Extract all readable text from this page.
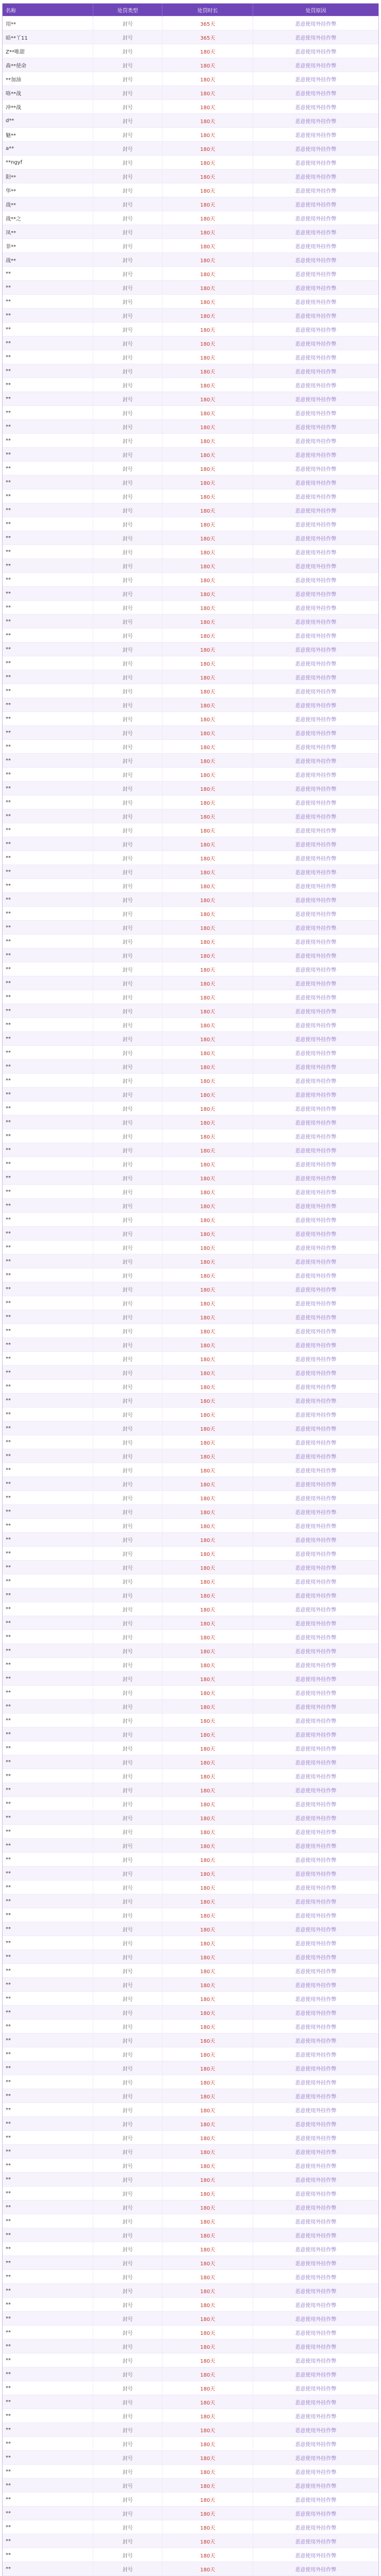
名称	处罚类型	处罚时长	处罚原因
用**	封号	365天	恶意使用外挂作弊
暗**丫11	封号	365天	恶意使用外挂作弊
Z**唯甜	封号	180天	恶意使用外挂作弊
森**使命	封号	180天	恶意使用外挂作弊
**加油	封号	180天	恶意使用外挂作弊
咯**战	封号	180天	恶意使用外挂作弊
冲**战	封号	180天	恶意使用外挂作弊
d**	封号	180天	恶意使用外挂作弊
魅**	封号	180天	恶意使用外挂作弊
a**	封号	180天	恶意使用外挂作弊
**ngyf	封号	180天	恶意使用外挂作弊
阳**	封号	180天	恶意使用外挂作弊
华**	封号	180天	恶意使用外挂作弊
战**	封号	180天	恶意使用外挂作弊
战**之	封号	180天	恶意使用外挂作弊
凤**	封号	180天	恶意使用外挂作弊
菲**	封号	180天	恶意使用外挂作弊
战**	封号	180天	恶意使用外挂作弊
**	封号	180天	恶意使用外挂作弊
**	封号	180天	恶意使用外挂作弊
**	封号	180天	恶意使用外挂作弊
**	封号	180天	恶意使用外挂作弊
**	封号	180天	恶意使用外挂作弊
**	封号	180天	恶意使用外挂作弊
**	封号	180天	恶意使用外挂作弊
**	封号	180天	恶意使用外挂作弊
**	封号	180天	恶意使用外挂作弊
**	封号	180天	恶意使用外挂作弊
**	封号	180天	恶意使用外挂作弊
**	封号	180天	恶意使用外挂作弊
**	封号	180天	恶意使用外挂作弊
**	封号	180天	恶意使用外挂作弊
**	封号	180天	恶意使用外挂作弊
**	封号	180天	恶意使用外挂作弊
**	封号	180天	恶意使用外挂作弊
**	封号	180天	恶意使用外挂作弊
**	封号	180天	恶意使用外挂作弊
**	封号	180天	恶意使用外挂作弊
**	封号	180天	恶意使用外挂作弊
**	封号	180天	恶意使用外挂作弊
**	封号	180天	恶意使用外挂作弊
**	封号	180天	恶意使用外挂作弊
**	封号	180天	恶意使用外挂作弊
**	封号	180天	恶意使用外挂作弊
**	封号	180天	恶意使用外挂作弊
**	封号	180天	恶意使用外挂作弊
**	封号	180天	恶意使用外挂作弊
**	封号	180天	恶意使用外挂作弊
**	封号	180天	恶意使用外挂作弊
**	封号	180天	恶意使用外挂作弊
**	封号	180天	恶意使用外挂作弊
**	封号	180天	恶意使用外挂作弊
**	封号	180天	恶意使用外挂作弊
**	封号	180天	恶意使用外挂作弊
**	封号	180天	恶意使用外挂作弊
**	封号	180天	恶意使用外挂作弊
**	封号	180天	恶意使用外挂作弊
**	封号	180天	恶意使用外挂作弊
**	封号	180天	恶意使用外挂作弊
**	封号	180天	恶意使用外挂作弊
**	封号	180天	恶意使用外挂作弊
**	封号	180天	恶意使用外挂作弊
**	封号	180天	恶意使用外挂作弊
**	封号	180天	恶意使用外挂作弊
**	封号	180天	恶意使用外挂作弊
**	封号	180天	恶意使用外挂作弊
**	封号	180天	恶意使用外挂作弊
**	封号	180天	恶意使用外挂作弊
**	封号	180天	恶意使用外挂作弊
**	封号	180天	恶意使用外挂作弊
**	封号	180天	恶意使用外挂作弊
**	封号	180天	恶意使用外挂作弊
**	封号	180天	恶意使用外挂作弊
**	封号	180天	恶意使用外挂作弊
**	封号	180天	恶意使用外挂作弊
**	封号	180天	恶意使用外挂作弊
**	封号	180天	恶意使用外挂作弊
**	封号	180天	恶意使用外挂作弊
**	封号	180天	恶意使用外挂作弊
**	封号	180天	恶意使用外挂作弊
**	封号	180天	恶意使用外挂作弊
**	封号	180天	恶意使用外挂作弊
**	封号	180天	恶意使用外挂作弊
**	封号	180天	恶意使用外挂作弊
**	封号	180天	恶意使用外挂作弊
**	封号	180天	恶意使用外挂作弊
**	封号	180天	恶意使用外挂作弊
**	封号	180天	恶意使用外挂作弊
**	封号	180天	恶意使用外挂作弊
**	封号	180天	恶意使用外挂作弊
**	封号	180天	恶意使用外挂作弊
**	封号	180天	恶意使用外挂作弊
**	封号	180天	恶意使用外挂作弊
**	封号	180天	恶意使用外挂作弊
**	封号	180天	恶意使用外挂作弊
**	封号	180天	恶意使用外挂作弊
**	封号	180天	恶意使用外挂作弊
**	封号	180天	恶意使用外挂作弊
**	封号	180天	恶意使用外挂作弊
**	封号	180天	恶意使用外挂作弊
**	封号	180天	恶意使用外挂作弊
**	封号	180天	恶意使用外挂作弊
**	封号	180天	恶意使用外挂作弊
**	封号	180天	恶意使用外挂作弊
**	封号	180天	恶意使用外挂作弊
**	封号	180天	恶意使用外挂作弊
**	封号	180天	恶意使用外挂作弊
**	封号	180天	恶意使用外挂作弊
**	封号	180天	恶意使用外挂作弊
**	封号	180天	恶意使用外挂作弊
**	封号	180天	恶意使用外挂作弊
**	封号	180天	恶意使用外挂作弊
**	封号	180天	恶意使用外挂作弊
**	封号	180天	恶意使用外挂作弊
**	封号	180天	恶意使用外挂作弊
**	封号	180天	恶意使用外挂作弊
**	封号	180天	恶意使用外挂作弊
**	封号	180天	恶意使用外挂作弊
**	封号	180天	恶意使用外挂作弊
**	封号	180天	恶意使用外挂作弊
**	封号	180天	恶意使用外挂作弊
**	封号	180天	恶意使用外挂作弊
**	封号	180天	恶意使用外挂作弊
**	封号	180天	恶意使用外挂作弊
**	封号	180天	恶意使用外挂作弊
**	封号	180天	恶意使用外挂作弊
**	封号	180天	恶意使用外挂作弊
**	封号	180天	恶意使用外挂作弊
**	封号	180天	恶意使用外挂作弊
**	封号	180天	恶意使用外挂作弊
**	封号	180天	恶意使用外挂作弊
**	封号	180天	恶意使用外挂作弊
**	封号	180天	恶意使用外挂作弊
**	封号	180天	恶意使用外挂作弊
**	封号	180天	恶意使用外挂作弊
**	封号	180天	恶意使用外挂作弊
**	封号	180天	恶意使用外挂作弊
**	封号	180天	恶意使用外挂作弊
**	封号	180天	恶意使用外挂作弊
**	封号	180天	恶意使用外挂作弊
**	封号	180天	恶意使用外挂作弊
**	封号	180天	恶意使用外挂作弊
**	封号	180天	恶意使用外挂作弊
**	封号	180天	恶意使用外挂作弊
**	封号	180天	恶意使用外挂作弊
**	封号	180天	恶意使用外挂作弊
**	封号	180天	恶意使用外挂作弊
**	封号	180天	恶意使用外挂作弊
**	封号	180天	恶意使用外挂作弊
**	封号	180天	恶意使用外挂作弊
**	封号	180天	恶意使用外挂作弊
**	封号	180天	恶意使用外挂作弊
**	封号	180天	恶意使用外挂作弊
**	封号	180天	恶意使用外挂作弊
**	封号	180天	恶意使用外挂作弊
**	封号	180天	恶意使用外挂作弊
**	封号	180天	恶意使用外挂作弊
**	封号	180天	恶意使用外挂作弊
**	封号	180天	恶意使用外挂作弊
**	封号	180天	恶意使用外挂作弊
**	封号	180天	恶意使用外挂作弊
**	封号	180天	恶意使用外挂作弊
**	封号	180天	恶意使用外挂作弊
**	封号	180天	恶意使用外挂作弊
**	封号	180天	恶意使用外挂作弊
**	封号	180天	恶意使用外挂作弊
**	封号	180天	恶意使用外挂作弊
**	封号	180天	恶意使用外挂作弊
**	封号	180天	恶意使用外挂作弊
**	封号	180天	恶意使用外挂作弊
**	封号	180天	恶意使用外挂作弊
**	封号	180天	恶意使用外挂作弊
**	封号	180天	恶意使用外挂作弊
**	封号	180天	恶意使用外挂作弊
**	封号	180天	恶意使用外挂作弊
**	封号	180天	恶意使用外挂作弊
**	封号	180天	恶意使用外挂作弊
**	封号	180天	恶意使用外挂作弊
**	封号	180天	恶意使用外挂作弊
**	封号	180天	恶意使用外挂作弊
**	封号	180天	恶意使用外挂作弊
**	封号	180天	恶意使用外挂作弊
**	封号	180天	恶意使用外挂作弊
**	封号	180天	恶意使用外挂作弊
